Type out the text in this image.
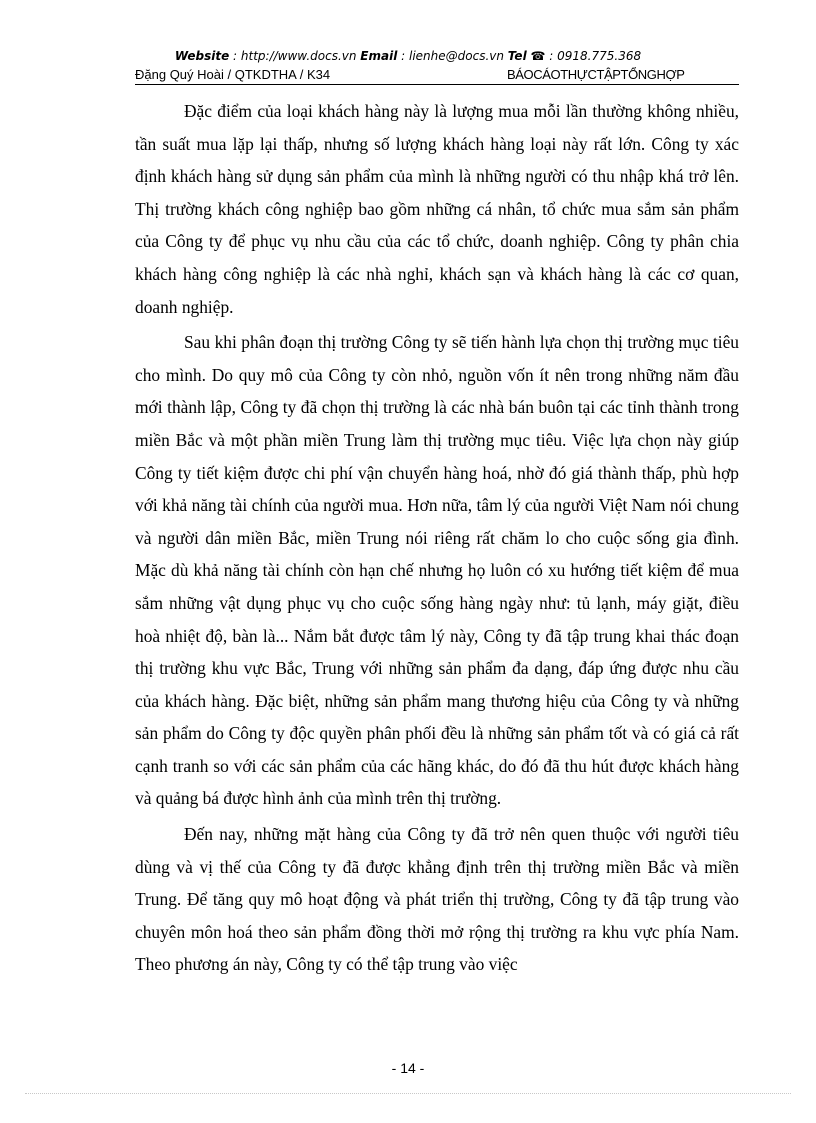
Website : http://www.docs.vn Email : lienhe@docs.vn Tel ☎ : 0918.775.368
Đặng Quý Hoài / QTKDTHA / K34	BÁOCÁOTHỰCTẬPTỔNGHỢP

Đặc điểm của loại khách hàng này là lượng mua mỗi lần thường không nhiều, tần suất mua lặp lại thấp, nhưng số lượng khách hàng loại này rất lớn. Công ty xác định khách hàng sử dụng sản phẩm của mình là những người có thu nhập khá trở lên. Thị trường khách công nghiệp bao gồm những cá nhân, tổ chức mua sắm sản phẩm của Công ty để phục vụ nhu cầu của các tổ chức, doanh nghiệp. Công ty phân chia khách hàng công nghiệp là các nhà nghỉ, khách sạn và khách hàng là các cơ quan, doanh nghiệp.

Sau khi phân đoạn thị trường Công ty sẽ tiến hành lựa chọn thị trường mục tiêu cho mình. Do quy mô của Công ty còn nhỏ, nguồn vốn ít nên trong những năm đầu mới thành lập, Công ty đã chọn thị trường là các nhà bán buôn tại các tỉnh thành trong miền Bắc và một phần miền Trung làm thị trường mục tiêu. Việc lựa chọn này giúp Công ty tiết kiệm được chi phí vận chuyển hàng hoá, nhờ đó giá thành thấp, phù hợp với khả năng tài chính của người mua. Hơn nữa, tâm lý của người Việt Nam nói chung và người dân miền Bắc, miền Trung nói riêng rất chăm lo cho cuộc sống gia đình. Mặc dù khả năng tài chính còn hạn chế nhưng họ luôn có xu hướng tiết kiệm để mua sắm những vật dụng phục vụ cho cuộc sống hàng ngày như: tủ lạnh, máy giặt, điều hoà nhiệt độ, bàn là... Nắm bắt được tâm lý này, Công ty đã tập trung khai thác đoạn thị trường khu vực Bắc, Trung với những sản phẩm đa dạng, đáp ứng được nhu cầu của khách hàng. Đặc biệt, những sản phẩm mang thương hiệu của Công ty và những sản phẩm do Công ty độc quyền phân phối đều là những sản phẩm tốt và có giá cả rất cạnh tranh so với các sản phẩm của các hãng khác, do đó đã thu hút được khách hàng và quảng bá được hình ảnh của mình trên thị trường.

Đến nay, những mặt hàng của Công ty đã trở nên quen thuộc với người tiêu dùng và vị thế của Công ty đã được khẳng định trên thị trường miền Bắc và miền Trung. Để tăng quy mô hoạt động và phát triển thị trường, Công ty đã tập trung vào chuyên môn hoá theo sản phẩm đồng thời mở rộng thị trường ra khu vực phía Nam. Theo phương án này, Công ty có thể tập trung vào việc

- 14 -
